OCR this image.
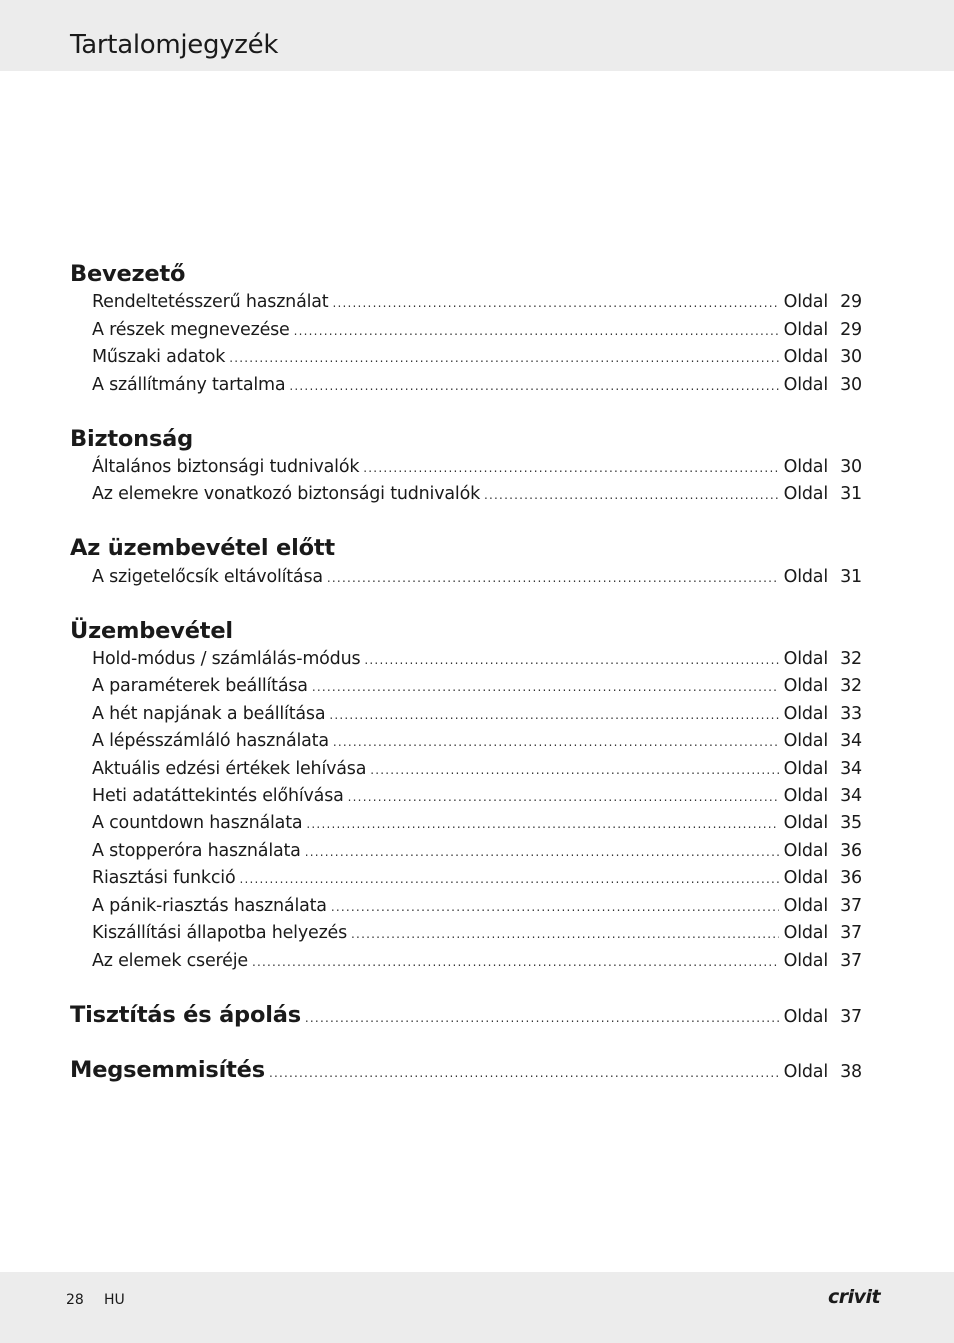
Tartalomjegyzék
Bevezető
Rendeltetésszerű használat .....	Oldal 29
A részek megnevezése .....	Oldal 29
Műszaki adatok .....	Oldal 30
A szállítmány tartalma .....	Oldal 30
Biztonság
Általános biztonsági tudnivalók .....	Oldal 30
Az elemekre vonatkozó biztonsági tudnivalók .....	Oldal 31
Az üzembevétel előtt
A szigetelőcsík eltávolítása .....	Oldal 31
Üzembevétel
Hold-módus / számlálás-módus .....	Oldal 32
A paraméterek beállítása .....	Oldal 32
A hét napjának a beállítása .....	Oldal 33
A lépésszámláló használata .....	Oldal 34
Aktuális edzési értékek lehívása .....	Oldal 34
Heti adatáttekintés előhívása .....	Oldal 34
A countdown használata .....	Oldal 35
A stopperóra használata .....	Oldal 36
Riasztási funkció .....	Oldal 36
A pánik-riasztás használata .....	Oldal 37
Kiszállítási állapotba helyezés .....	Oldal 37
Az elemek cseréje .....	Oldal 37
Tisztítás és ápolás .....	Oldal 37
Megsemmisítés .....	Oldal 38
28 HU	crivit
